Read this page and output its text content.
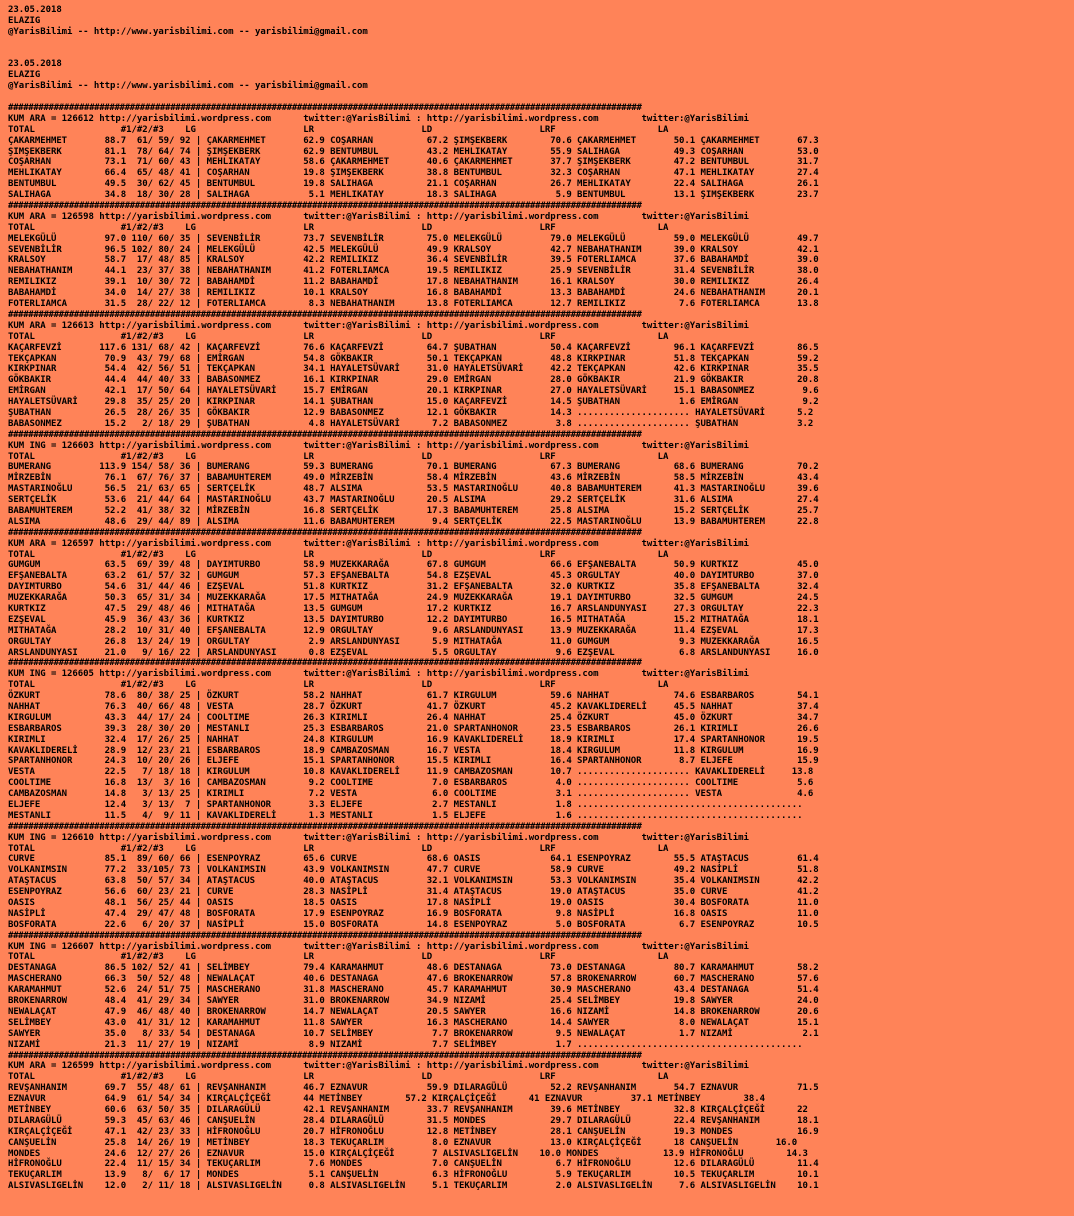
23.05.2018
ELAZIG
@YarisBilimi -- http://www.yarisbilimi.com -- yarisbilimi@gmail.com

23.05.2018
ELAZIG
@YarisBilimi -- http://www.yarisbilimi.com -- yarisbilimi@gmail.com

#############################################################################################################################
KUM ARA = 126612 http://yarisbilimi.wordpress.com      twitter:@YarisBilimi : http://yarisbilimi.wordpress.com        twitter:@YarisBilimi
TOTAL                #1/#2/#3    LG                    LR                    LD                    LRF                   LA
ÇAKARMEHMET       88.7  61/ 59/ 92 | ÇAKARMEHMET       62.9 COŞARHAN          67.2 ŞIMŞEKBERK        70.6 ÇAKARMEHMET       50.1 ÇAKARMEHMET       67.3
ŞIMŞEKBERK        81.1  78/ 64/ 74 | ŞIMŞEKBERK        62.9 BENTUMBUL         43.2 MEHLIKATAY        55.9 SALIHAGA          49.3 COŞARHAN          53.0
COŞARHAN          73.1  71/ 60/ 43 | MEHLIKATAY        58.6 ÇAKARMEHMET       40.6 ÇAKARMEHMET       37.7 ŞIMŞEKBERK        47.2 BENTUMBUL         31.7
MEHLIKATAY        66.4  65/ 48/ 41 | COŞARHAN          19.8 ŞIMŞEKBERK        38.8 BENTUMBUL         32.3 COŞARHAN          47.1 MEHLIKATAY        27.4
BENTUMBUL         49.5  30/ 62/ 45 | BENTUMBUL         19.8 SALIHAGA          21.1 COŞARHAN          26.7 MEHLIKATAY        22.4 SALIHAGA          26.1
SALIHAGA          34.8  18/ 30/ 28 | SALIHAGA           5.1 MEHLIKATAY        18.3 SALIHAGA           5.9 BENTUMBUL         13.1 ŞIMŞEKBERK        23.7
#############################################################################################################################
KUM ARA = 126598 http://yarisbilimi.wordpress.com      twitter:@YarisBilimi : http://yarisbilimi.wordpress.com        twitter:@YarisBilimi
TOTAL                #1/#2/#3    LG                    LR                    LD                    LRF                   LA
MELEKGÜLÜ         97.0 110/ 60/ 35 | SEVENBİLİR        73.7 SEVENBİLİR        75.0 MELEKGÜLÜ         79.0 MELEKGÜLÜ         59.0 MELEKGÜLÜ         49.7
SEVENBİLİR        96.5 102/ 80/ 24 | MELEKGÜLÜ         42.5 MELEKGÜLÜ         49.9 KRALSOY           42.7 NEBAHATHANIM      39.0 KRALSOY           42.1
KRALSOY           58.7  17/ 48/ 85 | KRALSOY           42.2 REMILIKIZ         36.4 SEVENBİLİR        39.5 FOTERLIAMCA       37.6 BABAHAMDİ         39.0
NEBAHATHANIM      44.1  23/ 37/ 38 | NEBAHATHANIM      41.2 FOTERLIAMCA       19.5 REMILIKIZ         25.9 SEVENBİLİR        31.4 SEVENBİLİR        38.0
REMILIKIZ         39.1  10/ 30/ 72 | BABAHAMDİ         11.2 BABAHAMDİ         17.8 NEBAHATHANIM      16.1 KRALSOY           30.0 REMILIKIZ         26.4
BABAHAMDİ         34.0  14/ 27/ 38 | REMILIKIZ         10.1 KRALSOY           16.8 BABAHAMDİ         13.3 BABAHAMDİ         24.6 NEBAHATHANIM      20.1
FOTERLIAMCA       31.5  28/ 22/ 12 | FOTERLIAMCA        8.3 NEBAHATHANIM      13.8 FOTERLIAMCA       12.7 REMILIKIZ          7.6 FOTERLIAMCA       13.8
#############################################################################################################################
KUM ARA = 126613 http://yarisbilimi.wordpress.com      twitter:@YarisBilimi : http://yarisbilimi.wordpress.com        twitter:@YarisBilimi
TOTAL                #1/#2/#3    LG                    LR                    LD                    LRF                   LA
KAÇARFEVZİ       117.6 131/ 68/ 42 | KAÇARFEVZİ        76.6 KAÇARFEVZİ        64.7 ŞUBATHAN          50.4 KAÇARFEVZİ        96.1 KAÇARFEVZİ        86.5
TEKÇAPKAN         70.9  43/ 79/ 68 | EMİRGAN           54.8 GÖKBAKIR          50.1 TEKÇAPKAN         48.8 KIRKPINAR         51.8 TEKÇAPKAN         59.2
KIRKPINAR         54.4  42/ 56/ 51 | TEKÇAPKAN         34.1 HAYALETSÜVARİ     31.0 HAYALETSÜVARİ     42.2 TEKÇAPKAN         42.6 KIRKPINAR         35.5
GÖKBAKIR          44.4  44/ 40/ 33 | BABASONMEZ        16.1 KIRKPINAR         29.0 EMİRGAN           28.0 GÖKBAKIR          21.9 GÖKBAKIR          20.8
EMİRGAN           42.1  17/ 50/ 64 | HAYALETSÜVARİ     15.7 EMİRGAN           20.1 KIRKPINAR         27.0 HAYALETSÜVARİ     15.1 BABASONMEZ         9.6
HAYALETSÜVARİ     29.8  35/ 25/ 20 | KIRKPINAR         14.1 ŞUBATHAN          15.0 KAÇARFEVZİ        14.5 ŞUBATHAN           1.6 EMİRGAN            9.2
ŞUBATHAN          26.5  28/ 26/ 35 | GÖKBAKIR          12.9 BABASONMEZ        12.1 GÖKBAKIR          14.3 ..................... HAYALETSÜVARİ      5.2
BABASONMEZ        15.2   2/ 18/ 29 | ŞUBATHAN           4.8 HAYALETSÜVARİ      7.2 BABASONMEZ         3.8 ..................... ŞUBATHAN           3.2
#############################################################################################################################
KUM ING = 126603 http://yarisbilimi.wordpress.com      twitter:@YarisBilimi : http://yarisbilimi.wordpress.com        twitter:@YarisBilimi
TOTAL                #1/#2/#3    LG                    LR                    LD                    LRF                   LA
BUMERANG         113.9 154/ 58/ 36 | BUMERANG          59.3 BUMERANG          70.1 BUMERANG          67.3 BUMERANG          68.6 BUMERANG          70.2
MİRZEBİN          76.1  67/ 76/ 37 | BABAMUHTEREM      49.0 MİRZEBİN          58.4 MİRZEBİN          43.6 MİRZEBİN          58.5 MİRZEBİN          43.4
MASTARINOĞLU      56.5  21/ 63/ 65 | SERTÇELİK         48.7 ALSIMA            53.5 MASTARINOĞLU      40.8 BABAMUHTEREM      41.3 MASTARINOĞLU      39.6
SERTÇELİK         53.6  21/ 44/ 64 | MASTARINOĞLU      43.7 MASTARINOĞLU      20.5 ALSIMA            29.2 SERTÇELİK         31.6 ALSIMA            27.4
BABAMUHTEREM      52.2  41/ 38/ 32 | MİRZEBİN          16.8 SERTÇELİK         17.3 BABAMUHTEREM      25.8 ALSIMA            15.2 SERTÇELİK         25.7
ALSIMA            48.6  29/ 44/ 89 | ALSIMA            11.6 BABAMUHTEREM       9.4 SERTÇELİK         22.5 MASTARINOĞLU      13.9 BABAMUHTEREM      22.8
#############################################################################################################################
KUM ARA = 126597 http://yarisbilimi.wordpress.com      twitter:@YarisBilimi : http://yarisbilimi.wordpress.com        twitter:@YarisBilimi
TOTAL                #1/#2/#3    LG                    LR                    LD                    LRF                   LA
GUMGUM            63.5  69/ 39/ 48 | DAYIMTURBO        58.9 MUZEKKARAĞA       67.8 GUMGUM            66.6 EFŞANEBALTA       50.9 KURTKIZ           45.0
EFŞANEBALTA       63.2  61/ 57/ 32 | GUMGUM            57.3 EFŞANEBALTA       54.8 EZŞEVAL           45.3 ORGULTAY          40.0 DAYIMTURBO        37.0
DAYIMTURBO        54.6  31/ 44/ 46 | EZŞEVAL           51.8 KURTKIZ           31.2 EFŞANEBALTA       32.0 KURTKIZ           35.8 EFŞANEBALTA       32.4
MUZEKKARAĞA       50.3  65/ 31/ 34 | MUZEKKARAĞA       17.5 MITHATAĞA         24.9 MUZEKKARAĞA       19.1 DAYIMTURBO        32.5 GUMGUM            24.5
KURTKIZ           47.5  29/ 48/ 46 | MITHATAĞA         13.5 GUMGUM            17.2 KURTKIZ           16.7 ARSLANDUNYASI     27.3 ORGULTAY          22.3
EZŞEVAL           45.9  36/ 43/ 36 | KURTKIZ           13.5 DAYIMTURBO        12.2 DAYIMTURBO        16.5 MITHATAĞA         15.2 MITHATAĞA         18.1
MITHATAĞA         28.2  10/ 31/ 40 | EFŞANEBALTA       12.9 ORGULTAY           9.6 ARSLANDUNYASI     13.9 MUZEKKARAĞA       11.4 EZŞEVAL           17.3
ORGULTAY          26.8  13/ 24/ 19 | ORGULTAY           2.9 ARSLANDUNYASI      5.9 MITHATAĞA         11.0 GUMGUM             9.3 MUZEKKARAĞA       16.5
ARSLANDUNYASI     21.0   9/ 16/ 22 | ARSLANDUNYASI      0.8 EZŞEVAL            5.5 ORGULTAY           9.6 EZŞEVAL            6.8 ARSLANDUNYASI     16.0
#############################################################################################################################
KUM ING = 126605 http://yarisbilimi.wordpress.com      twitter:@YarisBilimi : http://yarisbilimi.wordpress.com        twitter:@YarisBilimi
TOTAL                #1/#2/#3    LG                    LR                    LD                    LRF                   LA
ÖZKURT            78.6  80/ 38/ 25 | ÖZKURT            58.2 NAHHAT            61.7 KIRGULUM          59.6 NAHHAT            74.6 ESBARBAROS        54.1
NAHHAT            76.3  40/ 66/ 48 | VESTA             28.7 ÖZKURT            41.7 ÖZKURT            45.2 KAVAKLIDERELİ     45.5 NAHHAT            37.4
KIRGULUM          43.3  44/ 17/ 24 | COOLTIME          26.3 KIRIMLI           26.4 NAHHAT            25.4 ÖZKURT            45.0 ÖZKURT            34.7
ESBARBAROS        39.3  28/ 30/ 20 | MESTANLI          25.3 ESBARBAROS        21.0 SPARTANHONOR      23.5 ESBARBAROS        26.1 KIRIMLI           26.6
KIRIMLI           32.4  17/ 26/ 25 | NAHHAT            24.8 KIRGULUM          16.9 KAVAKLIDERELİ     18.9 KIRIMLI           17.4 SPARTANHONOR      19.5
KAVAKLIDERELİ     28.9  12/ 23/ 21 | ESBARBAROS        18.9 CAMBAZOSMAN       16.7 VESTA             18.4 KIRGULUM          11.8 KIRGULUM          16.9
SPARTANHONOR      24.3  10/ 20/ 26 | ELJEFE            15.1 SPARTANHONOR      15.5 KIRIMLI           16.4 SPARTANHONOR       8.7 ELJEFE            15.9
VESTA             22.5   7/ 18/ 18 | KIRGULUM          10.8 KAVAKLIDERELİ     11.9 CAMBAZOSMAN       10.7 ..................... KAVAKLIDERELİ     13.8
COOLTIME          16.8  13/  3/ 16 | CAMBAZOSMAN        9.2 COOLTIME           7.0 ESBARBAROS         4.0 ..................... COOLTIME           5.6
CAMBAZOSMAN       14.8   3/ 13/ 25 | KIRIMLI            7.2 VESTA              6.0 COOLTIME           3.1 ..................... VESTA              4.6
ELJEFE            12.4   3/ 13/  7 | SPARTANHONOR       3.3 ELJEFE             2.7 MESTANLI           1.8 ..........................................
MESTANLI          11.5   4/  9/ 11 | KAVAKLIDERELİ      1.3 MESTANLI           1.5 ELJEFE             1.6 ..........................................
#############################################################################################################################
KUM ING = 126610 http://yarisbilimi.wordpress.com      twitter:@YarisBilimi : http://yarisbilimi.wordpress.com        twitter:@YarisBilimi
TOTAL                #1/#2/#3    LG                    LR                    LD                    LRF                   LA
CURVE             85.1  89/ 60/ 66 | ESENPOYRAZ        65.6 CURVE             68.6 OASIS             64.1 ESENPOYRAZ        55.5 ATAŞTACUS         61.4
VOLKANIMSIN       77.2  33/105/ 73 | VOLKANIMSIN       43.9 VOLKANIMSIN       47.7 CURVE             58.9 CURVE             49.2 NASİPLİ           51.8
ATAŞTACUS         63.8  50/ 57/ 34 | ATAŞTACUS         40.0 ATAŞTACUS         32.1 VOLKANIMSIN       53.3 VOLKANIMSIN       35.4 VOLKANIMSIN       42.2
ESENPOYRAZ        56.6  60/ 23/ 21 | CURVE             28.3 NASİPLİ           31.4 ATAŞTACUS         19.0 ATAŞTACUS         35.0 CURVE             41.2
OASIS             48.1  56/ 25/ 44 | OASIS             18.5 OASIS             17.8 NASİPLİ           19.0 OASIS             30.4 BOSFORATA         11.0
NASİPLİ           47.4  29/ 47/ 48 | BOSFORATA         17.9 ESENPOYRAZ        16.9 BOSFORATA          9.8 NASİPLİ           16.8 OASIS             11.0
BOSFORATA         22.6   6/ 20/ 37 | NASİPLİ           15.0 BOSFORATA         14.8 ESENPOYRAZ         5.0 BOSFORATA          6.7 ESENPOYRAZ        10.5
#############################################################################################################################
KUM ING = 126607 http://yarisbilimi.wordpress.com      twitter:@YarisBilimi : http://yarisbilimi.wordpress.com        twitter:@YarisBilimi
TOTAL                #1/#2/#3    LG                    LR                    LD                    LRF                   LA
DESTANAGA         86.5 102/ 52/ 41 | SELİMBEY          79.4 KARAMAHMUT        48.6 DESTANAGA         73.0 DESTANAGA         80.7 KARAMAHMUT        58.2
MASCHERANO        66.3  50/ 52/ 48 | NEWALAÇAT         40.6 DESTANAGA         47.6 BROKENARROW       57.8 BROKENARROW       60.7 MASCHERANO        57.6
KARAMAHMUT        52.6  24/ 51/ 75 | MASCHERANO        31.8 MASCHERANO        45.7 KARAMAHMUT        30.9 MASCHERANO        43.4 DESTANAGA         51.4
BROKENARROW       48.4  41/ 29/ 34 | SAWYER            31.0 BROKENARROW       34.9 NIZAMİ            25.4 SELİMBEY          19.8 SAWYER            24.0
NEWALAÇAT         47.9  46/ 48/ 40 | BROKENARROW       14.7 NEWALAÇAT         20.5 SAWYER            16.6 NIZAMİ            14.8 BROKENARROW       20.6
SELİMBEY          43.0  41/ 31/ 12 | KARAMAHMUT        11.8 SAWYER            16.3 MASCHERANO        14.4 SAWYER             8.0 NEWALAÇAT         15.1
SAWYER            35.0   8/ 33/ 54 | DESTANAGA         10.7 SELİMBEY           7.7 BROKENARROW        9.5 NEWALAÇAT          1.7 NIZAMİ             2.1
NIZAMİ            21.3  11/ 27/ 19 | NIZAMİ             8.9 NIZAMİ             7.7 SELİMBEY           1.7 ..........................................
#############################################################################################################################
KUM ARA = 126599 http://yarisbilimi.wordpress.com      twitter:@YarisBilimi : http://yarisbilimi.wordpress.com        twitter:@YarisBilimi
TOTAL                #1/#2/#3    LG                    LR                    LD                    LRF                   LA
REVŞANHANIM       69.7  55/ 48/ 61 | REVŞANHANIM       46.7 EZNAVUR           59.9 DILARAGÜLÜ        52.2 REVŞANHANIM       54.7 EZNAVUR           71.5
EZNAVUR           64.9  61/ 54/ 34 | KIRÇALÇİÇEĞİ      44 METİNBEY        57.2 KIRÇALÇİÇEĞİ      41 EZNAVUR         37.1 METİNBEY        38.4
METİNBEY          60.6  63/ 50/ 35 | DILARAGÜLÜ        42.1 REVŞANHANIM       33.7 REVŞANHANIM       39.6 METİNBEY          32.8 KIRÇALÇİÇEĞİ      22
DILARAGÜLÜ        59.3  45/ 63/ 46 | CANŞUELİN         28.4 DILARAGÜLÜ        31.5 MONDES            29.7 DILARAGÜLÜ        22.4 REVŞANHANIM       18.1
KIRÇALÇİÇEĞİ      47.1  42/ 23/ 33 | HİFRONOĞLU        20.7 HİFRONOĞLU        12.8 METİNBEY          28.1 CANŞUELİN         19.3 MONDES            16.9
CANŞUELİN         25.8  14/ 26/ 19 | METİNBEY          18.3 TEKUÇARLIM         8.0 EZNAVUR           13.0 KIRÇALÇİÇEĞİ      18 CANŞUELİN       16.0
MONDES            24.6  12/ 27/ 26 | EZNAVUR           15.0 KIRÇALÇİÇEĞİ       7 ALSIVASLIGELİN    10.0 MONDES            13.9 HİFRONOĞLU        14.3
HİFRONOĞLU        22.4  11/ 15/ 34 | TEKUÇARLIM         7.6 MONDES             7.0 CANŞUELİN          6.7 HİFRONOĞLU        12.6 DILARAGÜLÜ        11.4
TEKUÇARLIM        13.9   8/  6/ 17 | MONDES             5.1 CANŞUELİN          6.3 HİFRONOĞLU         5.9 TEKUÇARLIM        10.5 TEKUÇARLIM        10.1
ALSIVASLIGELİN    12.0   2/ 11/ 18 | ALSIVASLIGELİN     0.8 ALSIVASLIGELİN     5.1 TEKUÇARLIM         2.0 ALSIVASLIGELİN     7.6 ALSIVASLIGELİN    10.1
